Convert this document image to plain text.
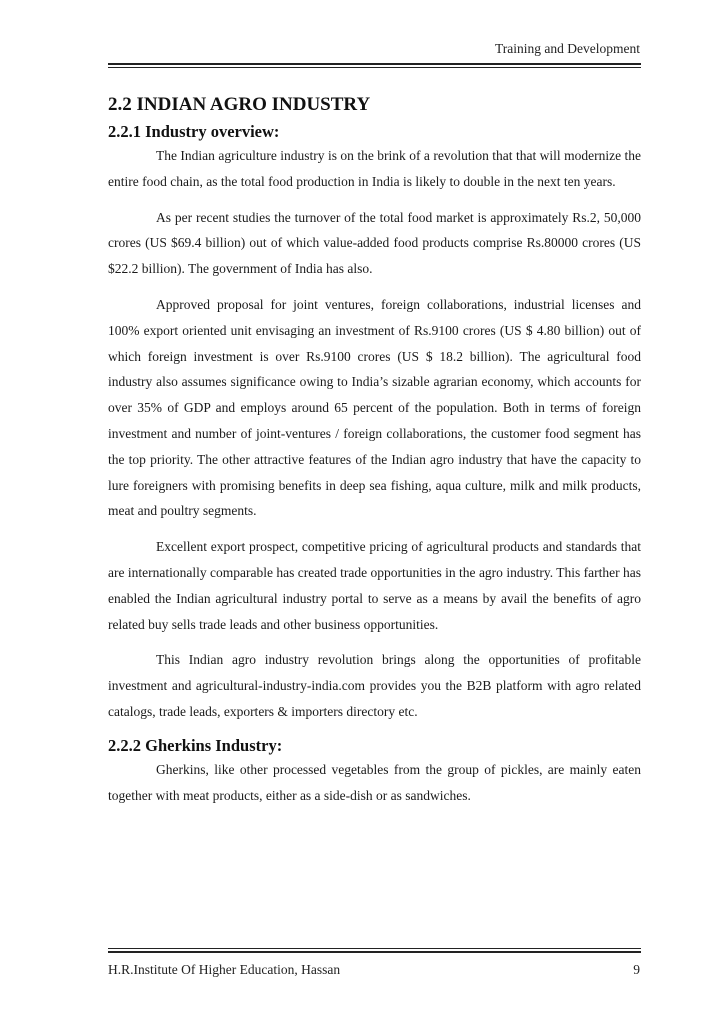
Training and Development
2.2 INDIAN AGRO INDUSTRY
2.2.1 Industry overview:

The Indian agriculture industry is on the brink of a revolution that that will modernize the entire food chain, as the total food production in India is likely to double in the next ten years.

As per recent studies the turnover of the total food market is approximately Rs.2, 50,000 crores (US $69.4 billion) out of which value-added food products comprise Rs.80000 crores (US $22.2 billion). The government of India has also.

Approved proposal for joint ventures, foreign collaborations, industrial licenses and 100% export oriented unit envisaging an investment of Rs.9100 crores (US $ 4.80 billion) out of which foreign investment is over Rs.9100 crores (US $ 18.2 billion). The agricultural food industry also assumes significance owing to India’s sizable agrarian economy, which accounts for over 35% of GDP and employs around 65 percent of the population. Both in terms of foreign investment and number of joint-ventures / foreign collaborations, the customer food segment has the top priority. The other attractive features of the Indian agro industry that have the capacity to lure foreigners with promising benefits in deep sea fishing, aqua culture, milk and milk products, meat and poultry segments.

Excellent export prospect, competitive pricing of agricultural products and standards that are internationally comparable has created trade opportunities in the agro industry. This farther has enabled the Indian agricultural industry portal to serve as a means by avail the benefits of agro related buy sells trade leads and other business opportunities.

This Indian agro industry revolution brings along the opportunities of profitable investment and agricultural-industry-india.com provides you the B2B platform with agro related catalogs, trade leads, exporters & importers directory etc.

2.2.2 Gherkins Industry:

Gherkins, like other processed vegetables from the group of pickles, are mainly eaten together with meat products, either as a side-dish or as sandwiches.

H.R.Institute Of Higher Education, Hassan	9
